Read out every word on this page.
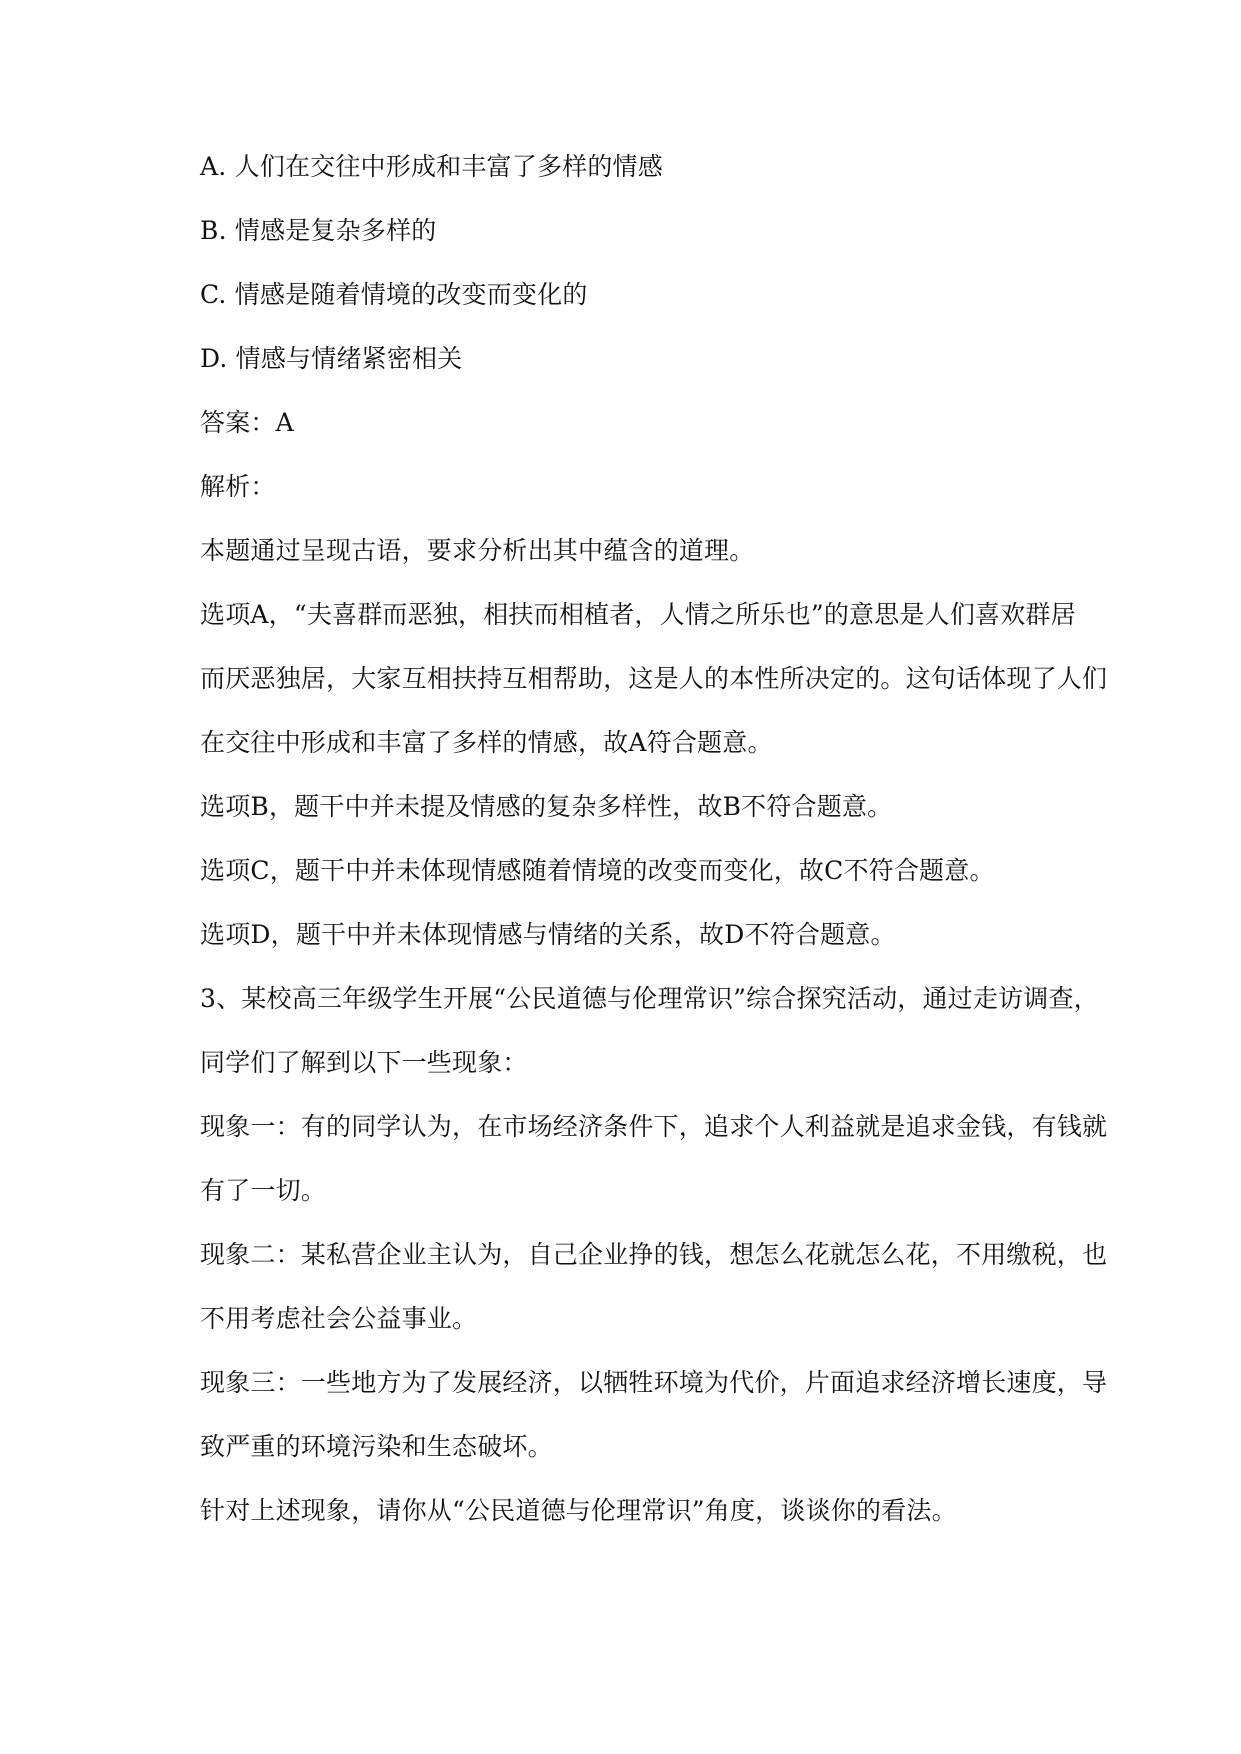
A. 人们在交往中形成和丰富了多样的情感
B. 情感是复杂多样的
C. 情感是随着情境的改变而变化的
D. 情感与情绪紧密相关
答案：A
解析：
本题通过呈现古语，要求分析出其中蕴含的道理。
选项A，“夫喜群而恶独，相扶而相植者，人情之所乐也”的意思是人们喜欢群居
而厌恶独居，大家互相扶持互相帮助，这是人的本性所决定的。这句话体现了人们
在交往中形成和丰富了多样的情感，故A符合题意。
选项B，题干中并未提及情感的复杂多样性，故B不符合题意。
选项C，题干中并未体现情感随着情境的改变而变化，故C不符合题意。
选项D，题干中并未体现情感与情绪的关系，故D不符合题意。
3、某校高三年级学生开展“公民道德与伦理常识”综合探究活动，通过走访调查，
同学们了解到以下一些现象：
现象一：有的同学认为，在市场经济条件下，追求个人利益就是追求金钱，有钱就
有了一切。
现象二：某私营企业主认为，自己企业挣的钱，想怎么花就怎么花，不用缴税，也
不用考虑社会公益事业。
现象三：一些地方为了发展经济，以牺牲环境为代价，片面追求经济增长速度，导
致严重的环境污染和生态破坏。
针对上述现象，请你从“公民道德与伦理常识”角度，谈谈你的看法。
